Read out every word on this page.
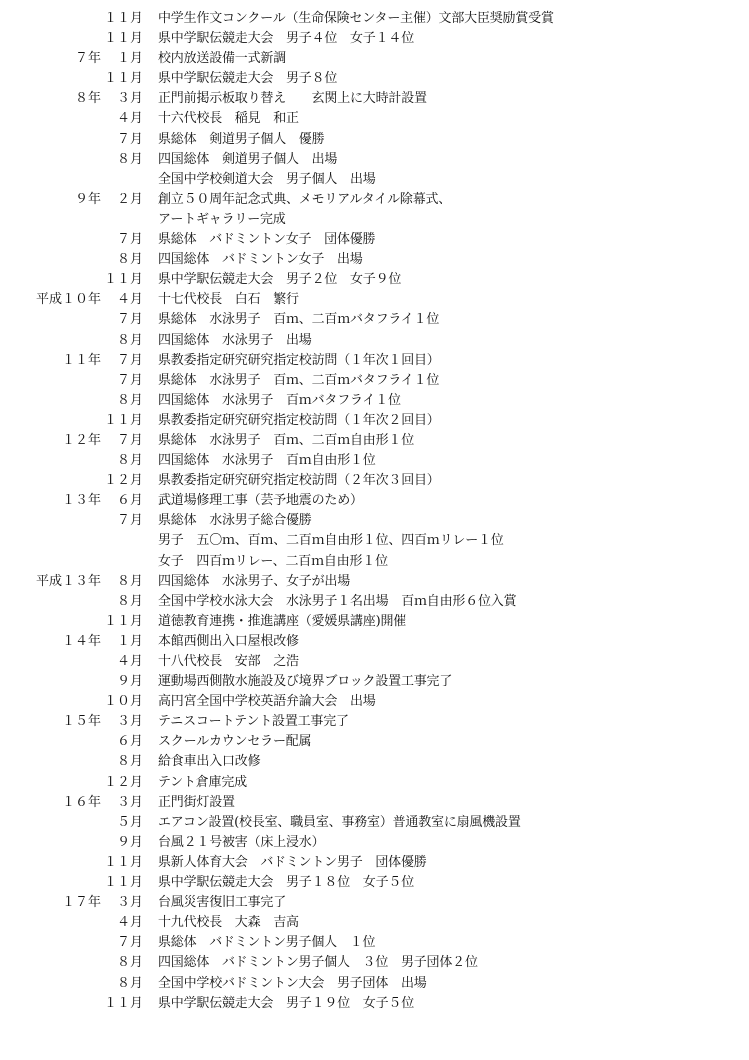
１１月 中学生作文コンクール（生命保険センター主催）文部大臣奨励賞受賞
１１月 県中学駅伝競走大会　男子４位　女子１４位
７年	１月 校内放送設備一式新調
１１月 県中学駅伝競走大会　男子８位
８年	３月 正門前掲示板取り替え　　玄関上に大時計設置
４月 十六代校長　稲見　和正
７月 県総体　剣道男子個人　優勝
８月 四国総体　剣道男子個人　出場
全国中学校剣道大会　男子個人　出場
９年	２月 創立５０周年記念式典、メモリアルタイル除幕式、
アートギャラリー完成
７月 県総体　バドミントン女子　団体優勝
８月 四国総体　バドミントン女子　出場
１１月 県中学駅伝競走大会　男子２位　女子９位
平成１０年	４月 十七代校長　白石　繁行
７月 県総体　水泳男子　百ｍ、二百ｍバタフライ１位
８月 四国総体　水泳男子　出場
１１年	７月 県教委指定研究研究指定校訪問（１年次１回目）
７月 県総体　水泳男子　百ｍ、二百ｍバタフライ１位
８月 四国総体　水泳男子　百ｍバタフライ１位
１１月 県教委指定研究研究指定校訪問（１年次２回目）
１２年	７月 県総体　水泳男子　百ｍ、二百ｍ自由形１位
８月 四国総体　水泳男子　百ｍ自由形１位
１２月 県教委指定研究研究指定校訪問（２年次３回目）
１３年	６月 武道場修理工事（芸予地震のため）
７月 県総体　水泳男子総合優勝
男子　五〇ｍ、百ｍ、二百ｍ自由形１位、四百ｍリレー１位
女子　四百ｍリレー、二百ｍ自由形１位
平成１３年	８月 四国総体　水泳男子、女子が出場
８月 全国中学校水泳大会　水泳男子１名出場　百ｍ自由形６位入賞
１１月 道徳教育連携・推進講座（愛媛県講座)開催
１４年	１月 本館西側出入口屋根改修
４月 十八代校長　安部　之浩
９月 運動場西側散水施設及び境界ブロック設置工事完了
１０月 高円宮全国中学校英語弁論大会　出場
１５年	３月 テニスコートテント設置工事完了
６月 スクールカウンセラー配属
８月 給食車出入口改修
１２月 テント倉庫完成
１６年	３月 正門街灯設置
５月 エアコン設置(校長室、職員室、事務室）普通教室に扇風機設置
９月 台風２１号被害（床上浸水）
１１月 県新人体育大会　バドミントン男子　団体優勝
１１月 県中学駅伝競走大会　男子１８位　女子５位
１７年	３月 台風災害復旧工事完了
４月 十九代校長　大森　吉高
７月 県総体　バドミントン男子個人　１位
８月 四国総体　バドミントン男子個人　３位　男子団体２位
８月 全国中学校バドミントン大会　男子団体　出場
１１月 県中学駅伝競走大会　男子１９位　女子５位
